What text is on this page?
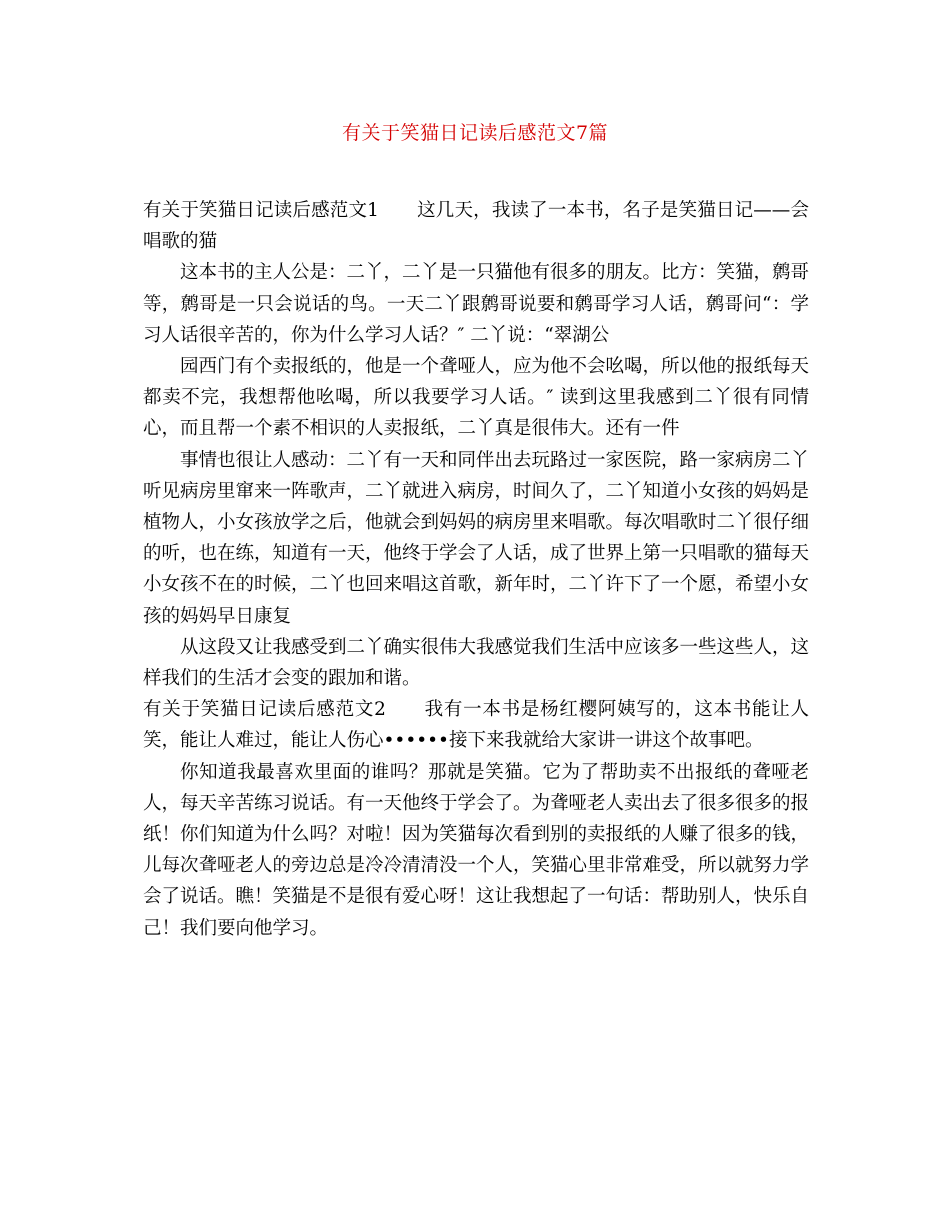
有关于笑猫日记读后感范文7篇

有关于笑猫日记读后感范文1 这几天，我读了一本书，名子是笑猫日记——会唱歌的猫

这本书的主人公是：二丫，二丫是一只猫他有很多的朋友。比方：笑猫，鹩哥等，鹩哥是一只会说话的鸟。一天二丫跟鹩哥说要和鹩哥学习人话，鹩哥问“：学习人话很辛苦的，你为什么学习人话？″ 二丫说：“翠湖公

园西门有个卖报纸的，他是一个聋哑人，应为他不会吆喝，所以他的报纸每天都卖不完，我想帮他吆喝，所以我要学习人话。″ 读到这里我感到二丫很有同情心，而且帮一个素不相识的人卖报纸，二丫真是很伟大。还有一件

事情也很让人感动：二丫有一天和同伴出去玩路过一家医院，路一家病房二丫听见病房里窜来一阵歌声，二丫就进入病房，时间久了，二丫知道小女孩的妈妈是植物人，小女孩放学之后，他就会到妈妈的病房里来唱歌。每次唱歌时二丫很仔细的听，也在练，知道有一天，他终于学会了人话，成了世界上第一只唱歌的猫每天小女孩不在的时候，二丫也回来唱这首歌，新年时，二丫许下了一个愿，希望小女孩的妈妈早日康复

从这段又让我感受到二丫确实很伟大我感觉我们生活中应该多一些这些人，这样我们的生活才会变的跟加和谐。

有关于笑猫日记读后感范文2 我有一本书是杨红樱阿姨写的，这本书能让人笑，能让人难过，能让人伤心••••••接下来我就给大家讲一讲这个故事吧。

你知道我最喜欢里面的谁吗？那就是笑猫。它为了帮助卖不出报纸的聋哑老人，每天辛苦练习说话。有一天他终于学会了。为聋哑老人卖出去了很多很多的报纸！你们知道为什么吗？对啦！因为笑猫每次看到别的卖报纸的人赚了很多的钱，儿每次聋哑老人的旁边总是冷冷清清没一个人，笑猫心里非常难受，所以就努力学会了说话。瞧！笑猫是不是很有爱心呀！这让我想起了一句话：帮助别人，快乐自己！我们要向他学习。
